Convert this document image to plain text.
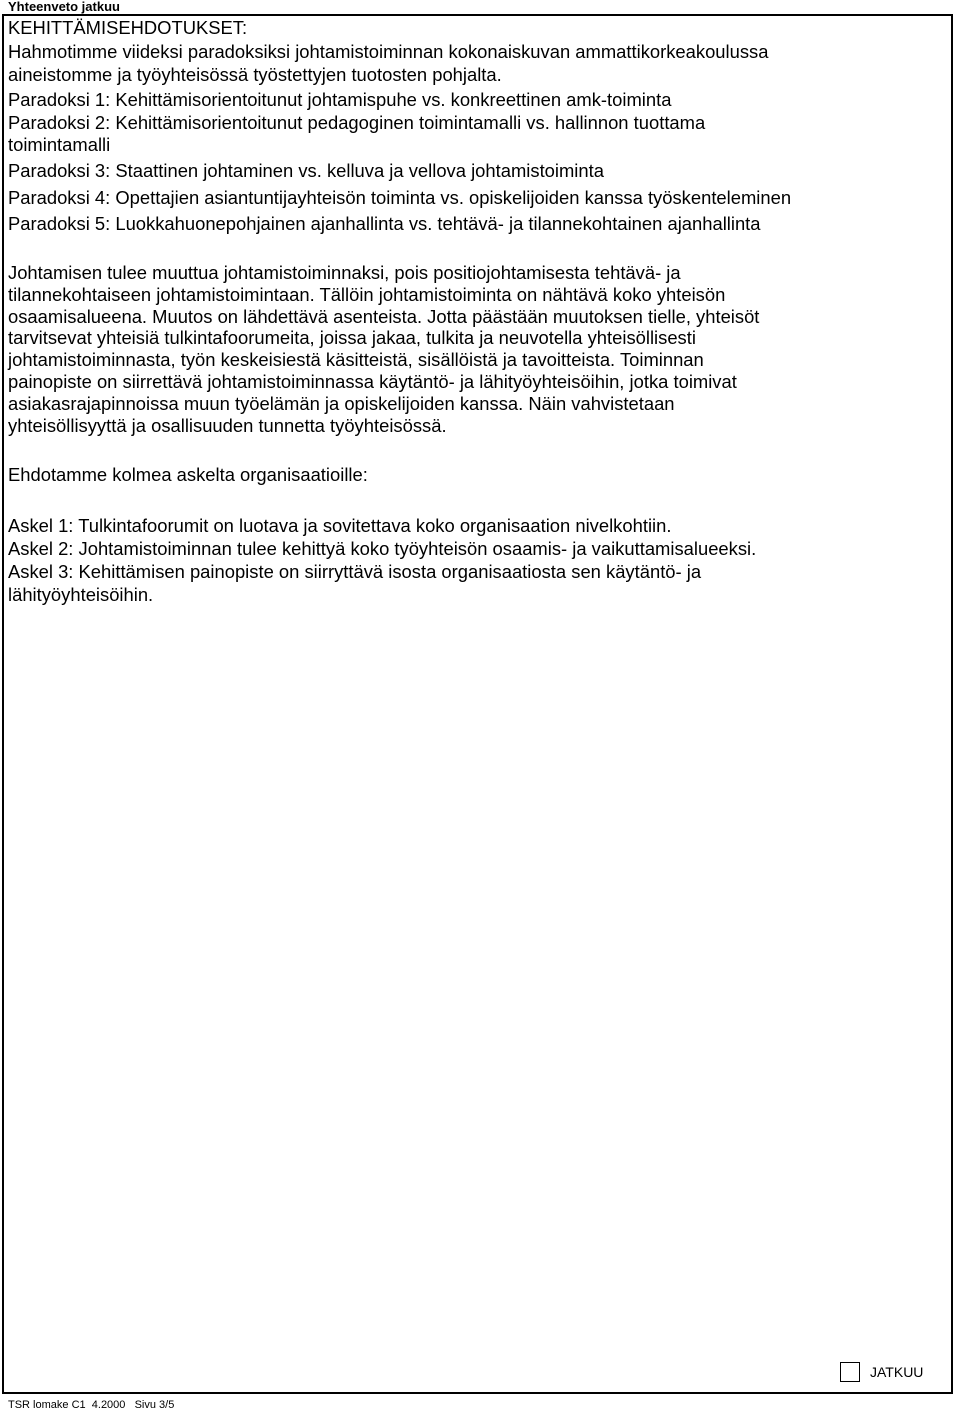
Yhteenveto jatkuu

KEHITTÄMISEHDOTUKSET:

Hahmotimme viideksi paradoksiksi johtamistoiminnan kokonaiskuvan ammattikorkeakoulussa

aineistomme ja työyhteisössä työstettyjen tuotosten pohjalta.

Paradoksi 1: Kehittämisorientoitunut johtamispuhe vs. konkreettinen amk-toiminta

Paradoksi 2: Kehittämisorientoitunut pedagoginen toimintamalli vs. hallinnon tuottama

toimintamalli

Paradoksi 3: Staattinen johtaminen vs. kelluva ja vellova johtamistoiminta

Paradoksi 4: Opettajien asiantuntijayhteisön toiminta vs. opiskelijoiden kanssa työskenteleminen

Paradoksi 5: Luokkahuonepohjainen ajanhallinta vs. tehtävä- ja tilannekohtainen ajanhallinta

Johtamisen tulee muuttua johtamistoiminnaksi, pois positiojohtamisesta tehtävä- ja

tilannekohtaiseen johtamistoimintaan. Tällöin johtamistoiminta on nähtävä koko yhteisön

osaamisalueena. Muutos on lähdettävä asenteista. Jotta päästään muutoksen tielle, yhteisöt

tarvitsevat yhteisiä tulkintafoorumeita, joissa jakaa, tulkita ja neuvotella yhteisöllisesti

johtamistoiminnasta, työn keskeisiestä käsitteistä, sisällöistä ja tavoitteista. Toiminnan

painopiste on siirrettävä johtamistoiminnassa käytäntö- ja lähityöyhteisöihin, jotka toimivat

asiakasrajapinnoissa muun työelämän ja opiskelijoiden kanssa. Näin vahvistetaan

yhteisöllisyyttä ja osallisuuden tunnetta työyhteisössä.

Ehdotamme kolmea askelta organisaatioille:

Askel 1: Tulkintafoorumit on luotava ja sovitettava koko organisaation nivelkohtiin.

Askel 2: Johtamistoiminnan tulee kehittyä koko työyhteisön osaamis- ja vaikuttamisalueeksi.

Askel 3: Kehittämisen painopiste on siirryttävä isosta organisaatiosta sen käytäntö- ja

lähityöyhteisöihin.

JATKUU
TSR lomake C1 4.2000 Sivu 3/5
